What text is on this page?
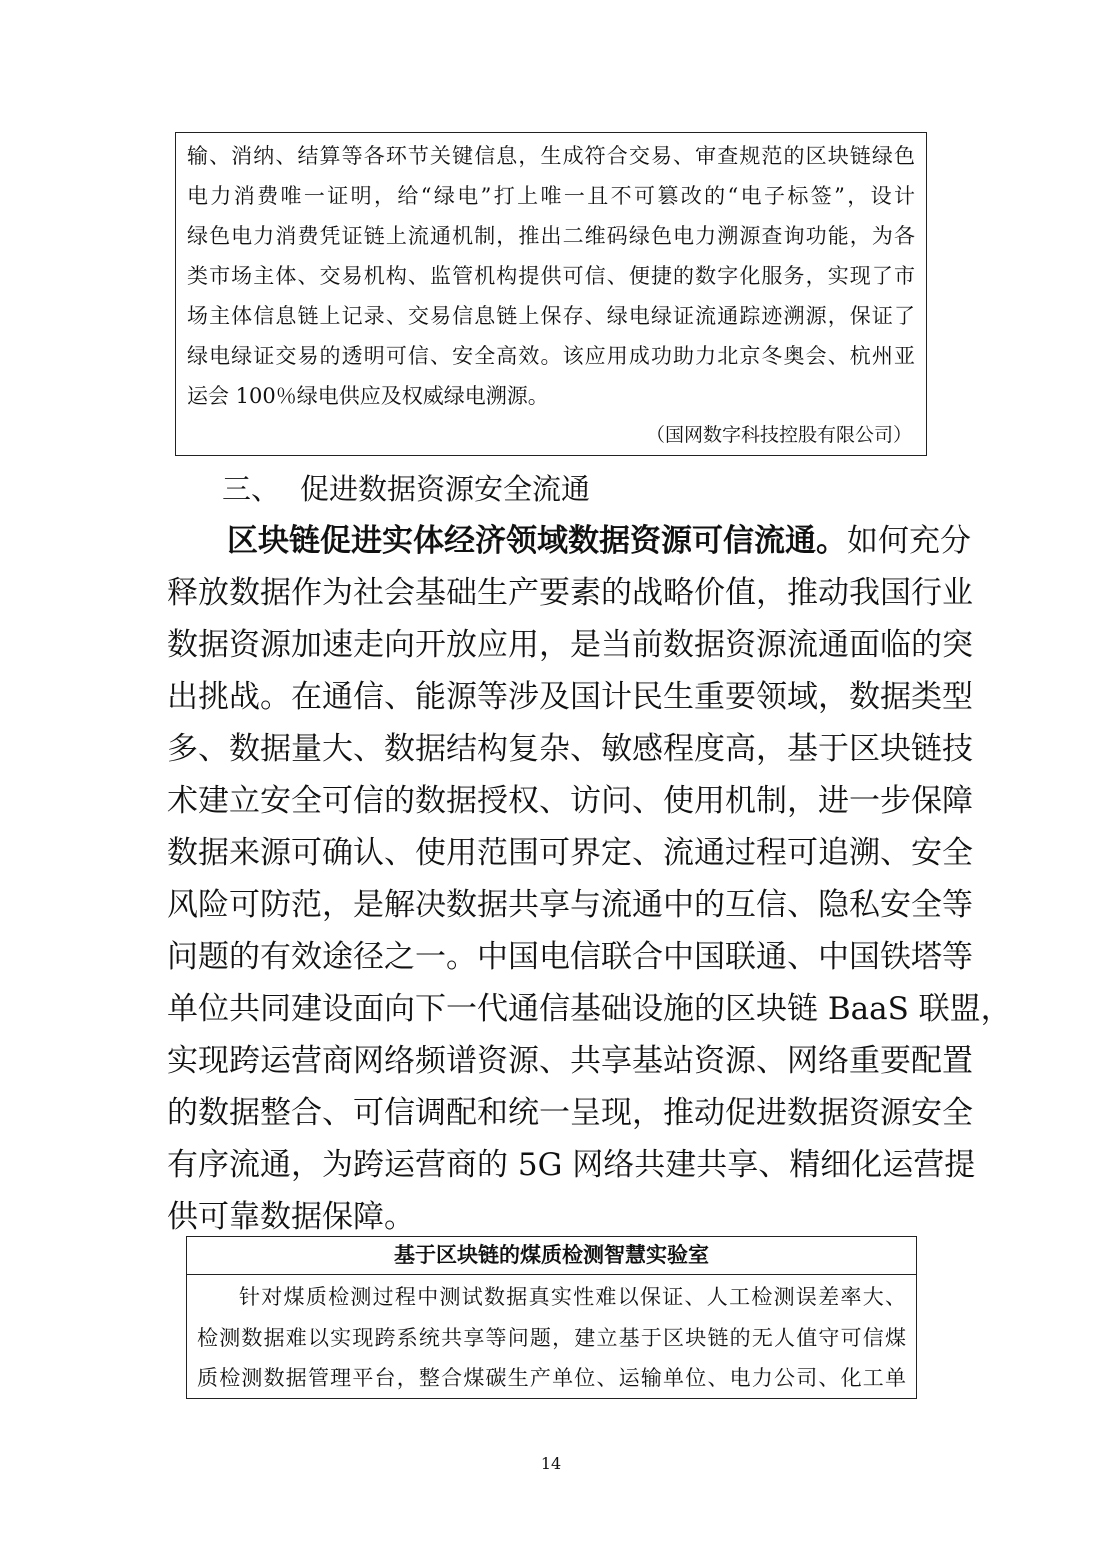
输、消纳、结算等各环节关键信息，生成符合交易、审查规范的区块链绿色
电力消费唯一证明，给“绿电”打上唯一且不可篡改的“电子标签”，设计
绿色电力消费凭证链上流通机制，推出二维码绿色电力溯源查询功能，为各
类市场主体、交易机构、监管机构提供可信、便捷的数字化服务，实现了市
场主体信息链上记录、交易信息链上保存、绿电绿证流通踪迹溯源，保证了
绿电绿证交易的透明可信、安全高效。该应用成功助力北京冬奥会、杭州亚
运会 100％绿电供应及权威绿电溯源。
（国网数字科技控股有限公司）
三、 促进数据资源安全流通
区块链促进实体经济领域数据资源可信流通。如何充分
释放数据作为社会基础生产要素的战略价值，推动我国行业
数据资源加速走向开放应用，是当前数据资源流通面临的突
出挑战。在通信、能源等涉及国计民生重要领域，数据类型
多、数据量大、数据结构复杂、敏感程度高，基于区块链技
术建立安全可信的数据授权、访问、使用机制，进一步保障
数据来源可确认、使用范围可界定、流通过程可追溯、安全
风险可防范，是解决数据共享与流通中的互信、隐私安全等
问题的有效途径之一。中国电信联合中国联通、中国铁塔等
单位共同建设面向下一代通信基础设施的区块链 BaaS 联盟，
实现跨运营商网络频谱资源、共享基站资源、网络重要配置
的数据整合、可信调配和统一呈现，推动促进数据资源安全
有序流通，为跨运营商的 5G 网络共建共享、精细化运营提
供可靠数据保障。
基于区块链的煤质检测智慧实验室
针对煤质检测过程中测试数据真实性难以保证、人工检测误差率大、
检测数据难以实现跨系统共享等问题，建立基于区块链的无人值守可信煤
质检测数据管理平台，整合煤碳生产单位、运输单位、电力公司、化工单
14
